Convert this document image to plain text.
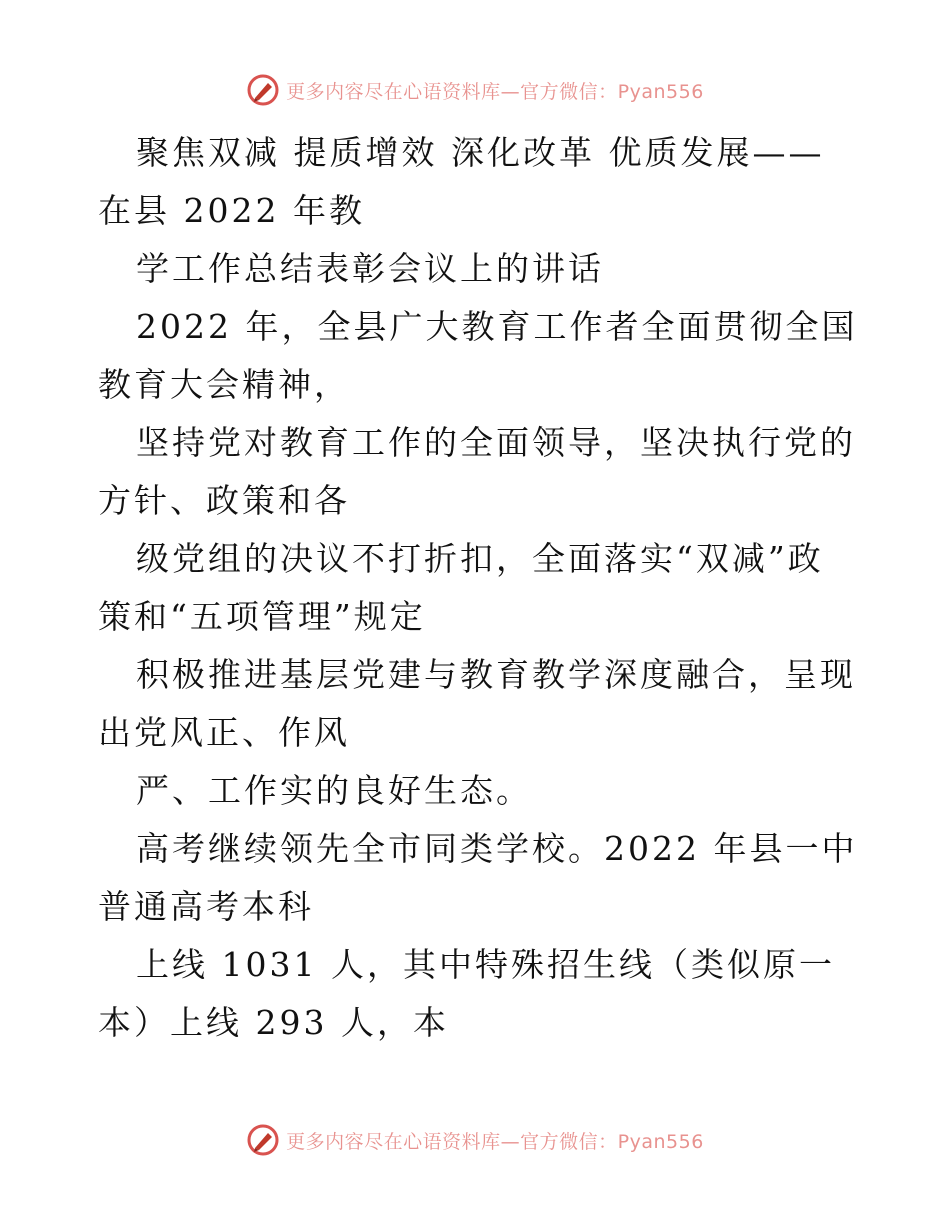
更多内容尽在心语资料库—官方微信：Pyan556

聚焦双减 提质增效 深化改革 优质发展——在县 2022 年教

学工作总结表彰会议上的讲话

2022 年，全县广大教育工作者全面贯彻全国教育大会精神，

坚持党对教育工作的全面领导，坚决执行党的方针、政策和各

级党组的决议不打折扣，全面落实“双减”政策和“五项管理”规定

积极推进基层党建与教育教学深度融合，呈现出党风正、作风

严、工作实的良好生态。

高考继续领先全市同类学校。2022 年县一中普通高考本科

上线 1031 人，其中特殊招生线（类似原一本）上线 293 人，本

更多内容尽在心语资料库—官方微信：Pyan556
